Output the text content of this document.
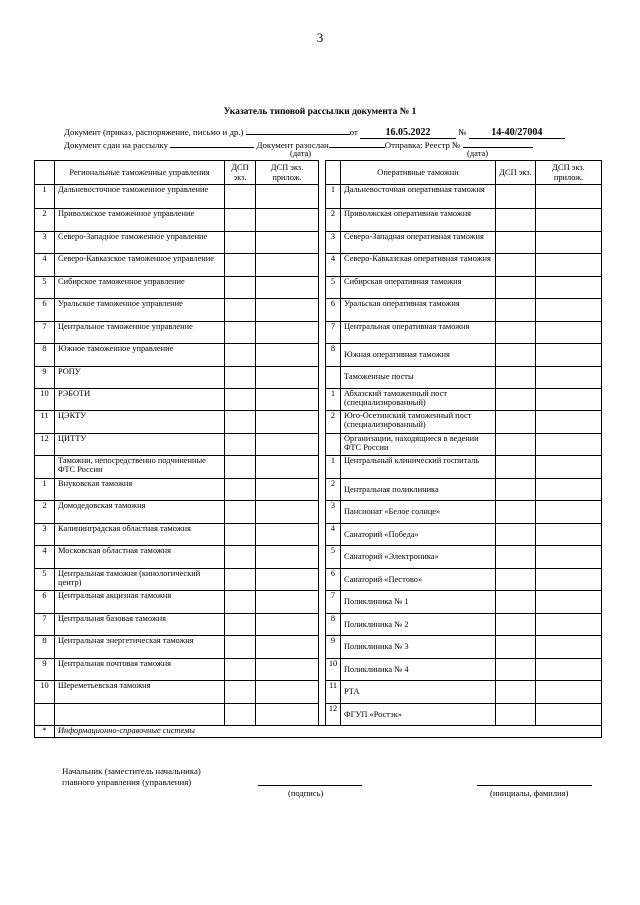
3
Указатель типовой рассылки документа № 1
Документ (приказ, распоряжение, письмо и др.)	от	16.05.2022	№ 14-40/27004
Документ сдан на рассылку	Документ разослан	Отправка: Реестр №
(дата)	(дата)
	Региональные таможенные управления	ДСП экз.	ДСП экз. прилож.			Оперативные таможни	ДСП экз.	ДСП экз. прилож.
1	Дальневосточное таможенное управление				1	Дальневосточная оперативная таможня		
2	Приволжское таможенное управление				2	Приволжская оперативная таможня		
3	Северо-Западное таможенное управление				3	Северо-Западная оперативная таможня		
4	Северо-Кавказское таможенное управление				4	Северо-Кавказская оперативная таможня		
5	Сибирское таможенное управление				5	Сибирская оперативная таможня		
6	Уральское таможенное управление				6	Уральская оперативная таможня		
7	Центральное таможенное управление				7	Центральная оперативная таможня		
8	Южное таможенное управление				8	Южная оперативная таможня		
9	РОПУ					Таможенные посты		
10	РЭБОТИ				1	Абхазский таможенный пост (специализированный)		
11	ЦЭКТУ				2	Юго-Осетинский таможенный пост (специализированный)		
12	ЦИТТУ					Организации, находящиеся в ведении ФТС России		
	Таможни, непосредственно подчиненные ФТС России				1	Центральный клинический госпиталь		
1	Внуковская таможня				2	Центральная поликлиника		
2	Домодедовская таможня				3	Пансионат «Белое солнце»		
3	Калининградская областная таможня				4	Санаторий «Победа»		
4	Московская областная таможня				5	Санаторий «Электроника»		
5	Центральная таможня (кинологический центр)				6	Санаторий «Пестово»		
6	Центральная акцизная таможня				7	Поликлиника № 1		
7	Центральная базовая таможня				8	Поликлиника № 2		
8	Центральная энергетическая таможня				9	Поликлиника № 3		
9	Центральная почтовая таможня				10	Поликлиника № 4		
10	Шереметьевская таможня				11	РТА		
					12	ФГУП «Ростэк»		
*	Информационно-справочные системы							
Начальник (заместитель начальника)
главного управления (управления)
(подпись)	(инициалы, фамилия)
